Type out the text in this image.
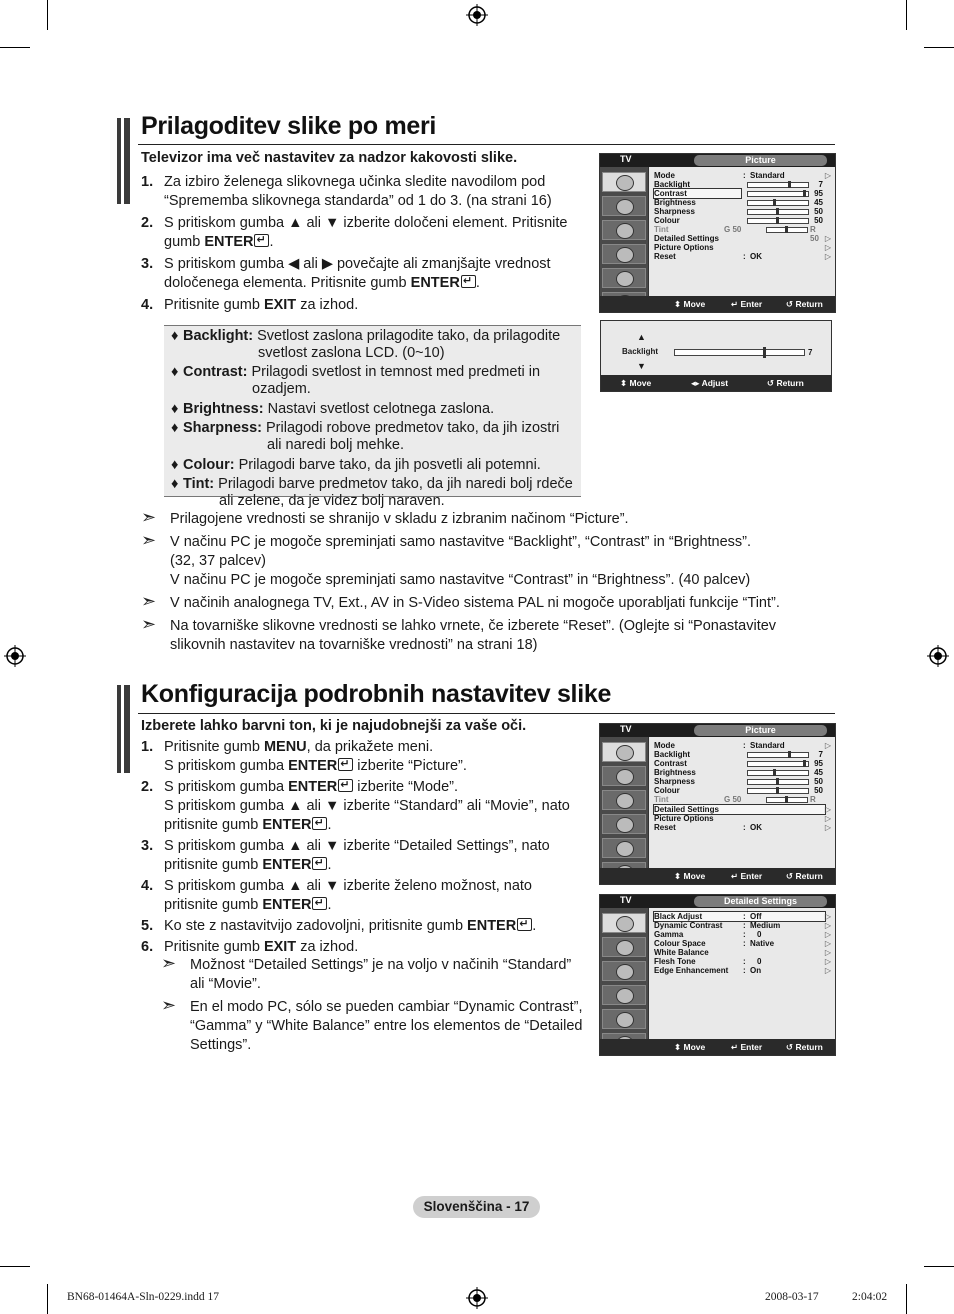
Prilagoditev slike po meri
Televizor ima več nastavitev za nadzor kakovosti slike.
1. Za izbiro želenega slikovnega učinka sledite navodilom pod “Sprememba slikovnega standarda” od 1 do 3. (na strani 16)
2. S pritiskom gumba ▲ ali ▼ izberite določeni element. Pritisnite gumb ENTER ↵ .
3. S pritiskom gumba ◀ ali ▶ povečajte ali zmanjšajte vrednost določenega elementa. Pritisnite gumb ENTER ↵ .
4. Pritisnite gumb EXIT za izhod.
♦ Backlight: Svetlost zaslona prilagodite tako, da prilagodite
svetlost zaslona LCD. (0~10)
♦ Contrast: Prilagodi svetlost in temnost med predmeti in
ozadjem.
♦ Brightness: Nastavi svetlost celotnega zaslona.
♦ Sharpness: Prilagodi robove predmetov tako, da jih izostri
ali naredi bolj mehke.
♦ Colour: Prilagodi barve tako, da jih posvetli ali potemni.
♦ Tint: Prilagodi barve predmetov tako, da jih naredi bolj rdeče
ali zelene, da je videz bolj naraven.
➣ Prilagojene vrednosti se shranijo v skladu z izbranim načinom “Picture”.
➣ V načinu PC je mogoče spreminjati samo nastavitve “Backlight”, “Contrast” in “Brightness”.
(32, 37 palcev)
V načinu PC je mogoče spreminjati samo nastavitve “Contrast” in “Brightness”. (40 palcev)
➣ V načinih analognega TV, Ext., AV in S-Video sistema PAL ni mogoče uporabljati funkcije “Tint”.
➣ Na tovarniške slikovne vrednosti se lahko vrnete, če izberete “Reset”. (Oglejte si “Ponastavitev
slikovnih nastavitev na tovarniške vrednosti” na strani 18)
TV	Picture
Mode	: Standard	▷
Backlight	7
Contrast	95
Brightness	45
Sharpness	50
Colour	50
Tint	G 50	R 50
Detailed Settings	▷
Picture Options	▷
Reset	: OK	▷
⬍ Move	↵ Enter	↺ Return
▲
Backlight	7
▼
⬍ Move	◂▸ Adjust	↺ Return
Konfiguracija podrobnih nastavitev slike
Izberete lahko barvni ton, ki je najudobnejši za vaše oči.
1. Pritisnite gumb MENU, da prikažete meni.
S pritiskom gumba ENTER↵ izberite “Picture”.
2. S pritiskom gumba ENTER↵ izberite “Mode”.
S pritiskom gumba ▲ ali ▼ izberite “Standard” ali “Movie”, nato
pritisnite gumb ENTER ↵ .
3. S pritiskom gumba ▲ ali ▼ izberite “Detailed Settings”, nato
pritisnite gumb ENTER ↵ .
4. S pritiskom gumba ▲ ali ▼ izberite želeno možnost, nato
pritisnite gumb ENTER ↵ .
5. Ko ste z nastavitvijo zadovoljni, pritisnite gumb ENTER ↵ .
6. Pritisnite gumb EXIT za izhod.
TV	Picture
Mode	: Standard	▷
Backlight	7
Contrast	95
Brightness	45
Sharpness	50
Colour	50
Tint	G 50	R
Detailed Settings	▷
Picture Options	▷
Reset	: OK	▷
⬍ Move	↵ Enter	↺ Return
TV	Detailed Settings
Black Adjust	: Off	▷
Dynamic Contrast	: Medium	▷
Gamma	: 0	▷
Colour Space	: Native	▷
White Balance	▷
Flesh Tone	: 0	▷
Edge Enhancement : On	▷
⬍ Move	↵ Enter	↺ Return
➣ Možnost “Detailed Settings” je na voljo v načinih “Standard”
ali “Movie”.
➣ En el modo PC, sólo se pueden cambiar “Dynamic Contrast”,
“Gamma” y “White Balance” entre los elementos de “Detailed
Settings”.
Slovenščina - 17
BN68-01464A-Sln-0229.indd 17	2008-03-17	2:04:02
